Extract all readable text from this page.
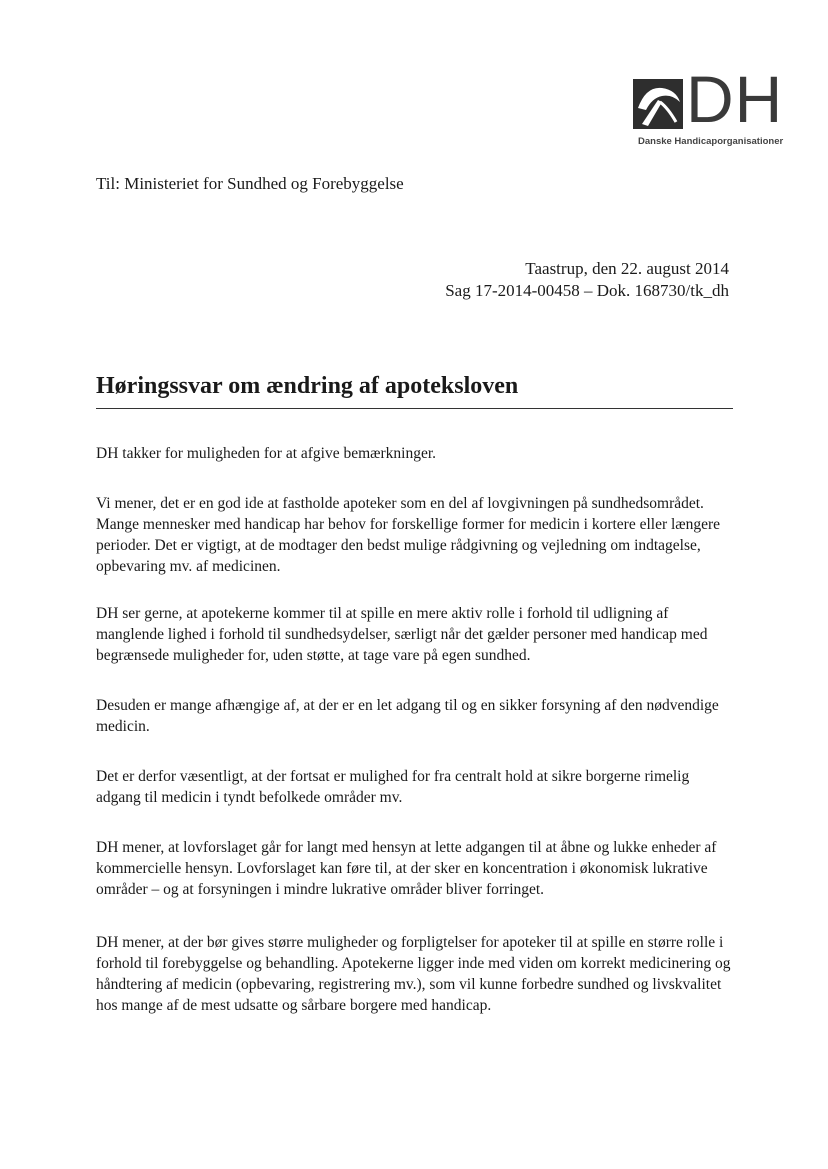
DH
Danske Handicaporganisationer
Til: Ministeriet for Sundhed og Forebyggelse
Taastrup, den 22. august 2014
Sag 17-2014-00458 – Dok. 168730/tk_dh
Høringssvar om ændring af apoteksloven

DH takker for muligheden for at afgive bemærkninger.

Vi mener, det er en god ide at fastholde apoteker som en del af lovgivningen på sundhedsområdet. Mange mennesker med handicap har behov for forskellige former for medicin i kortere eller længere perioder. Det er vigtigt, at de modtager den bedst mulige rådgivning og vejledning om indtagelse, opbevaring mv. af medicinen.

DH ser gerne, at apotekerne kommer til at spille en mere aktiv rolle i forhold til udligning af manglende lighed i forhold til sundhedsydelser, særligt når det gælder personer med handicap med begrænsede muligheder for, uden støtte, at tage vare på egen sundhed.

Desuden er mange afhængige af, at der er en let adgang til og en sikker forsyning af den nødvendige medicin.

Det er derfor væsentligt, at der fortsat er mulighed for fra centralt hold at sikre borgerne rimelig adgang til medicin i tyndt befolkede områder mv.

DH mener, at lovforslaget går for langt med hensyn at lette adgangen til at åbne og lukke enheder af kommercielle hensyn. Lovforslaget kan føre til, at der sker en koncentration i økonomisk lukrative områder – og at forsyningen i mindre lukrative områder bliver forringet.

DH mener, at der bør gives større muligheder og forpligtelser for apoteker til at spille en større rolle i forhold til forebyggelse og behandling. Apotekerne ligger inde med viden om korrekt medicinering og håndtering af medicin (opbevaring, registrering mv.), som vil kunne forbedre sundhed og livskvalitet hos mange af de mest udsatte og sårbare borgere med handicap.
